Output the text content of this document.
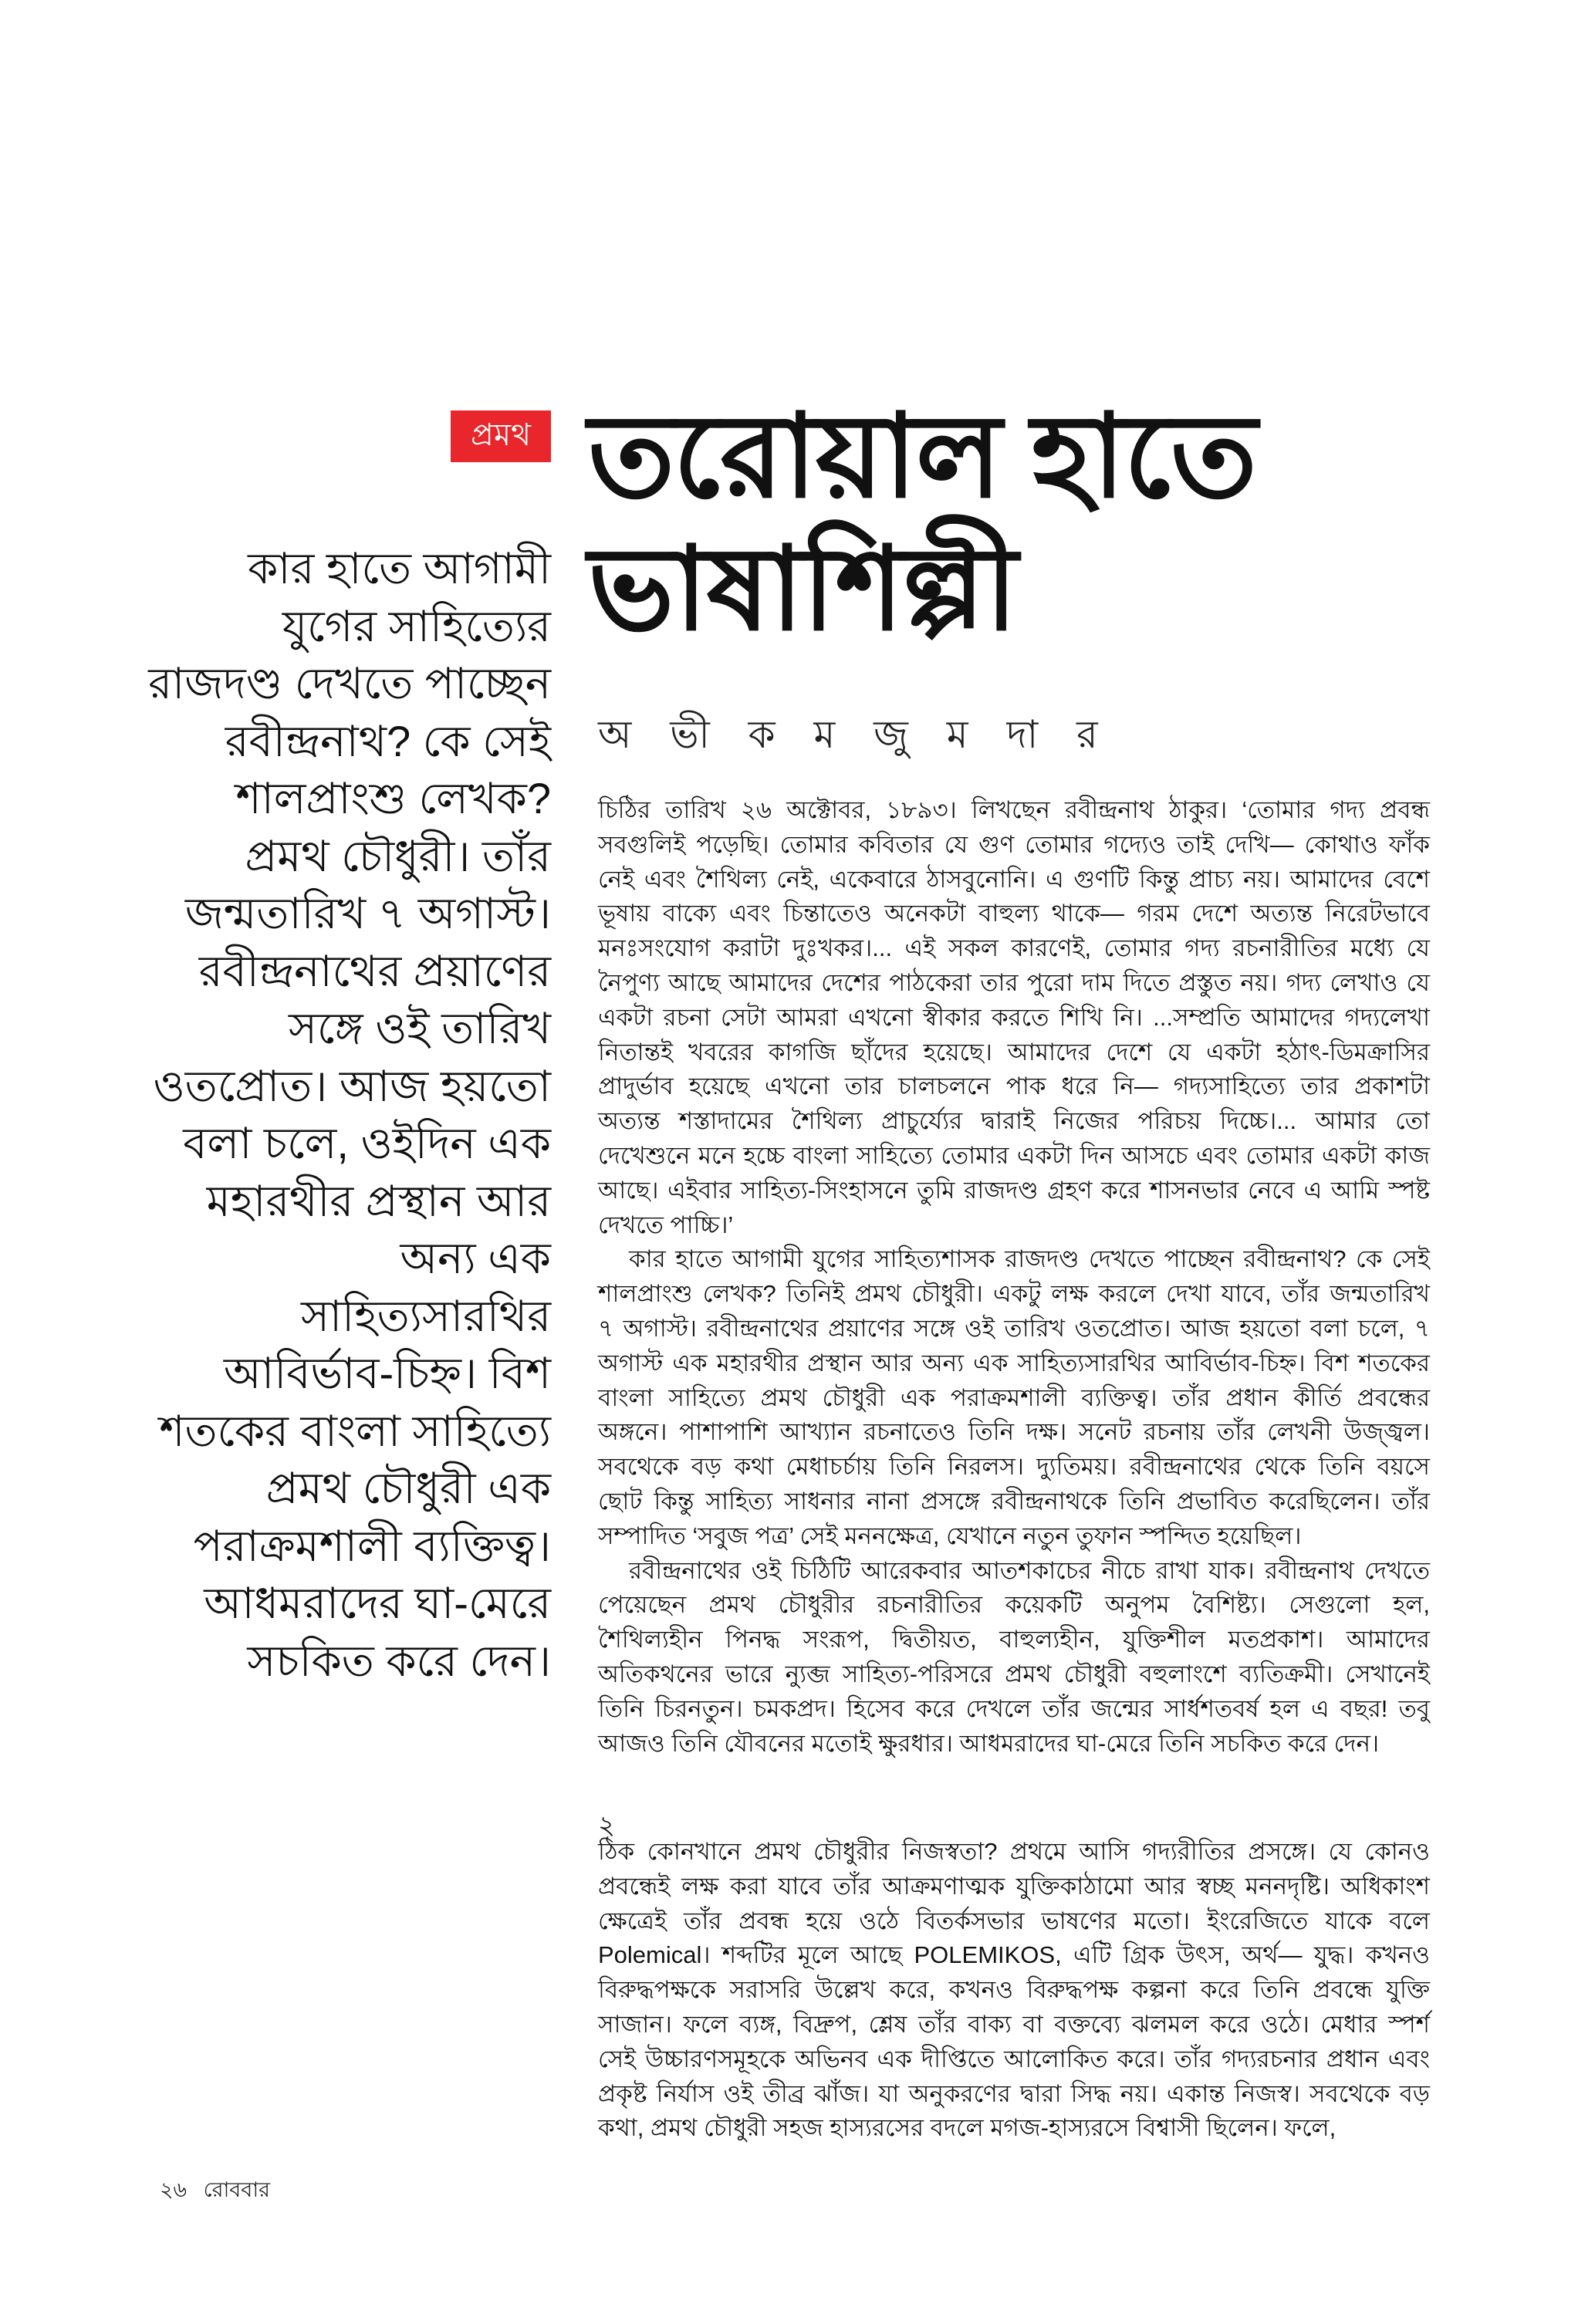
প্রমথ তরোয়াল হাতে
ভাষাশিল্পী
অ ভী ক ম জু ম দা র
কার হাতে আগামী
যুগের সাহিত্যের
রাজদণ্ড দেখতে পাচ্ছেন
রবীন্দ্রনাথ? কে সেই
শালপ্রাংশু লেখক?
প্রমথ চৌধুরী। তাঁর
জন্মতারিখ ৭ অগাস্ট।
রবীন্দ্রনাথের প্রয়াণের
সঙ্গে ওই তারিখ
ওতপ্রোত। আজ হয়তো
বলা চলে, ওইদিন এক
মহারথীর প্রস্থান আর
অন্য এক
সাহিত্যসারথির
আবির্ভাব-চিহ্ন। বিশ
শতকের বাংলা সাহিত্যে
প্রমথ চৌধুরী এক
পরাক্রমশালী ব্যক্তিত্ব।
আধমরাদের ঘা-মেরে
সচকিত করে দেন।
চিঠির তারিখ ২৬ অক্টোবর, ১৮৯৩। লিখছেন রবীন্দ্রনাথ ঠাকুর। ‘তোমার গদ্য প্রবন্ধ
সবগুলিই পড়েছি। তোমার কবিতার যে গুণ তোমার গদ্যেও তাই দেখি— কোথাও ফাঁক
নেই এবং শৈথিল্য নেই, একেবারে ঠাসবুনোনি। এ গুণটি কিন্তু প্রাচ্য নয়। আমাদের বেশে
ভূষায় বাক্যে এবং চিন্তাতেও অনেকটা বাহুল্য থাকে— গরম দেশে অত্যন্ত নিরেটভাবে
মনঃসংযোগ করাটা দুঃখকর।... এই সকল কারণেই, তোমার গদ্য রচনারীতির মধ্যে যে
নৈপুণ্য আছে আমাদের দেশের পাঠকেরা তার পুরো দাম দিতে প্রস্তুত নয়। গদ্য লেখাও যে
একটা রচনা সেটা আমরা এখনো স্বীকার করতে শিখি নি। ...সম্প্রতি আমাদের গদ্যলেখা
নিতান্তই খবরের কাগজি ছাঁদের হয়েছে। আমাদের দেশে যে একটা হঠাৎ-ডিমক্রাসির
প্রাদুর্ভাব হয়েছে এখনো তার চালচলনে পাক ধরে নি— গদ্যসাহিত্যে তার প্রকাশটা
অত্যন্ত শস্তাদামের শৈথিল্য প্রাচুর্য্যের দ্বারাই নিজের পরিচয় দিচ্চে।... আমার তো
দেখেশুনে মনে হচ্চে বাংলা সাহিত্যে তোমার একটা দিন আসচে এবং তোমার একটা কাজ
আছে। এইবার সাহিত্য-সিংহাসনে তুমি রাজদণ্ড গ্রহণ করে শাসনভার নেবে এ আমি স্পষ্ট
দেখতে পাচ্চি।’
কার হাতে আগামী যুগের সাহিত্যশাসক রাজদণ্ড দেখতে পাচ্ছেন রবীন্দ্রনাথ? কে সেই
শালপ্রাংশু লেখক? তিনিই প্রমথ চৌধুরী। একটু লক্ষ করলে দেখা যাবে, তাঁর জন্মতারিখ
৭ অগাস্ট। রবীন্দ্রনাথের প্রয়াণের সঙ্গে ওই তারিখ ওতপ্রোত। আজ হয়তো বলা চলে, ৭
অগাস্ট এক মহারথীর প্রস্থান আর অন্য এক সাহিত্যসারথির আবির্ভাব-চিহ্ন। বিশ শতকের
বাংলা সাহিত্যে প্রমথ চৌধুরী এক পরাক্রমশালী ব্যক্তিত্ব। তাঁর প্রধান কীর্তি প্রবন্ধের
অঙ্গনে। পাশাপাশি আখ্যান রচনাতেও তিনি দক্ষ। সনেট রচনায় তাঁর লেখনী উজ্জ্বল।
সবথেকে বড় কথা মেধাচর্চায় তিনি নিরলস। দ্যুতিময়। রবীন্দ্রনাথের থেকে তিনি বয়সে
ছোট কিন্তু সাহিত্য সাধনার নানা প্রসঙ্গে রবীন্দ্রনাথকে তিনি প্রভাবিত করেছিলেন। তাঁর
সম্পাদিত ‘সবুজ পত্র’ সেই মননক্ষেত্র, যেখানে নতুন তুফান স্পন্দিত হয়েছিল।
রবীন্দ্রনাথের ওই চিঠিটি আরেকবার আতশকাচের নীচে রাখা যাক। রবীন্দ্রনাথ দেখতে
পেয়েছেন প্রমথ চৌধুরীর রচনারীতির কয়েকটি অনুপম বৈশিষ্ট্য। সেগুলো হল,
শৈথিল্যহীন পিনদ্ধ সংরূপ, দ্বিতীয়ত, বাহুল্যহীন, যুক্তিশীল মতপ্রকাশ। আমাদের
অতিকথনের ভারে ন্যুব্জ সাহিত্য-পরিসরে প্রমথ চৌধুরী বহুলাংশে ব্যতিক্রমী। সেখানেই
তিনি চিরনতুন। চমকপ্রদ। হিসেব করে দেখলে তাঁর জন্মের সার্ধশতবর্ষ হল এ বছর! তবু
আজও তিনি যৌবনের মতোই ক্ষুরধার। আধমরাদের ঘা-মেরে তিনি সচকিত করে দেন।
২
ঠিক কোনখানে প্রমথ চৌধুরীর নিজস্বতা? প্রথমে আসি গদ্যরীতির প্রসঙ্গে। যে কোনও
প্রবন্ধেই লক্ষ করা যাবে তাঁর আক্রমণাত্মক যুক্তিকাঠামো আর স্বচ্ছ মননদৃষ্টি। অধিকাংশ
ক্ষেত্রেই তাঁর প্রবন্ধ হয়ে ওঠে বিতর্কসভার ভাষণের মতো। ইংরেজিতে যাকে বলে
Polemical। শব্দটির মূলে আছে POLEMIKOS, এটি গ্রিক উৎস, অর্থ— যুদ্ধ। কখনও
বিরুদ্ধপক্ষকে সরাসরি উল্লেখ করে, কখনও বিরুদ্ধপক্ষ কল্পনা করে তিনি প্রবন্ধে যুক্তি
সাজান। ফলে ব্যঙ্গ, বিদ্রুপ, শ্লেষ তাঁর বাক্য বা বক্তব্যে ঝলমল করে ওঠে। মেধার স্পর্শ
সেই উচ্চারণসমূহকে অভিনব এক দীপ্তিতে আলোকিত করে। তাঁর গদ্যরচনার প্রধান এবং
প্রকৃষ্ট নির্যাস ওই তীব্র ঝাঁজ। যা অনুকরণের দ্বারা সিদ্ধ নয়। একান্ত নিজস্ব। সবথেকে বড়
কথা, প্রমথ চৌধুরী সহজ হাস্যরসের বদলে মগজ-হাস্যরসে বিশ্বাসী ছিলেন। ফলে,
২৬ রোববার
